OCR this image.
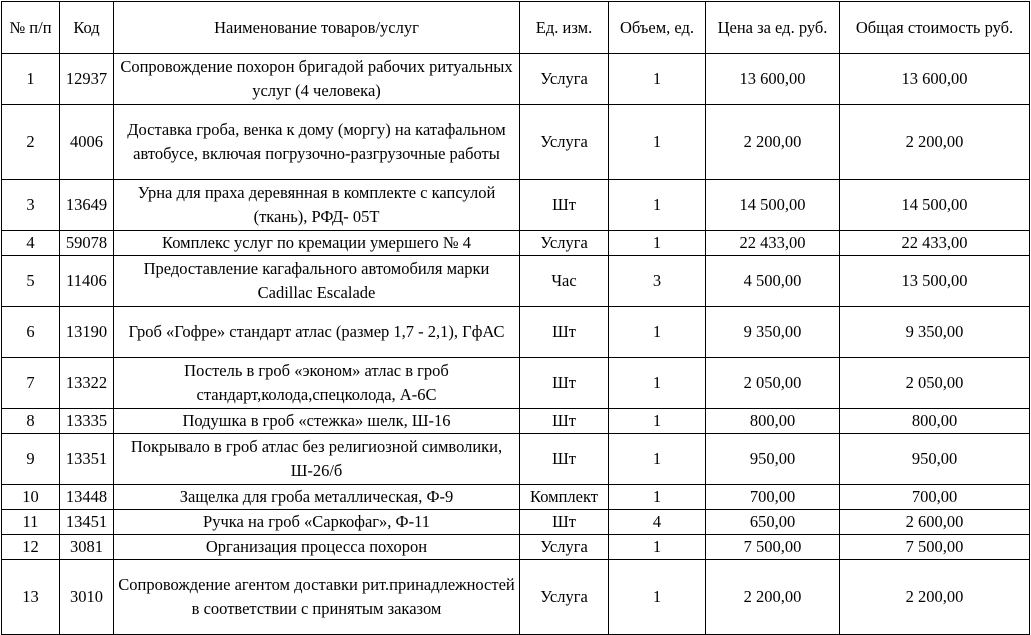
№ п/п	Код	Наименование товаров/услуг	Ед. изм.	Объем, ед.	Цена за ед. руб.	Общая стоимость руб.
1	12937	Сопровождение похорон бригадой рабочих ритуальных услуг (4 человека)	Услуга	1	13 600,00	13 600,00
2	4006	Доставка гроба, венка к дому (моргу) на катафальном автобусе, включая погрузочно-разгрузочные работы	Услуга	1	2 200,00	2 200,00
3	13649	Урна для праха деревянная в комплекте с капсулой (ткань), РФД- 05Т	Шт	1	14 500,00	14 500,00
4	59078	Комплекс услуг по кремации умершего № 4	Услуга	1	22 433,00	22 433,00
5	11406	Предоставление кагафального автомобиля марки Cadillac Escalade	Час	3	4 500,00	13 500,00
6	13190	Гроб «Гофре» стандарт атлас (размер 1,7 - 2,1), ГфАС	Шт	1	9 350,00	9 350,00
7	13322	Постель в гроб «эконом» атлас в гроб стандарт,колода,спецколода, А-6С	Шт	1	2 050,00	2 050,00
8	13335	Подушка в гроб «стежка» шелк, Ш-16	Шт	1	800,00	800,00
9	13351	Покрывало в гроб атлас без религиозной символики, Ш-26/б	Шт	1	950,00	950,00
10	13448	Защелка для гроба металлическая, Ф-9	Комплект	1	700,00	700,00
11	13451	Ручка на гроб «Саркофаг», Ф-11	Шт	4	650,00	2 600,00
12	3081	Организация процесса похорон	Услуга	1	7 500,00	7 500,00
13	3010	Сопровождение агентом доставки рит.принадлежностей в соответствии с принятым заказом	Услуга	1	2 200,00	2 200,00
